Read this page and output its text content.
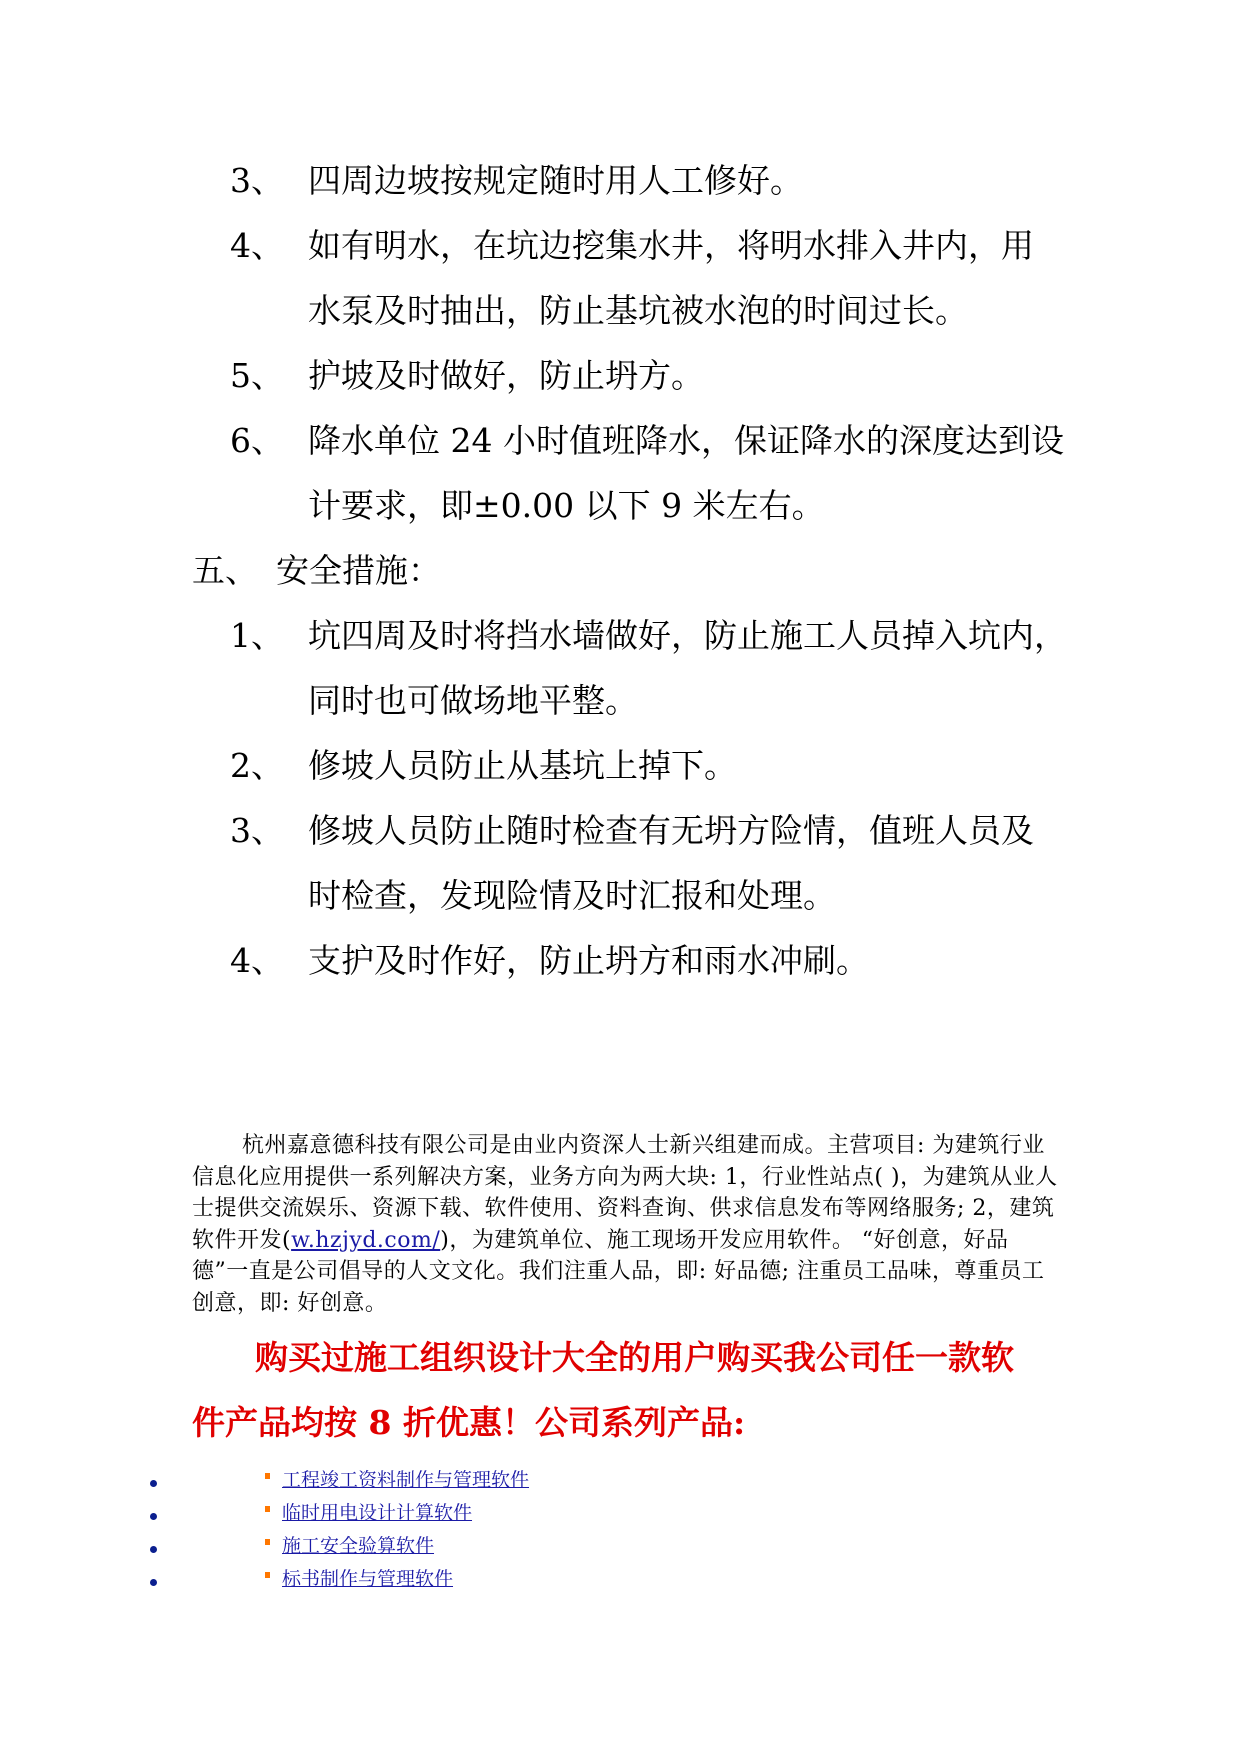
3、 四周边坡按规定随时用人工修好。
4、 如有明水，在坑边挖集水井，将明水排入井内，用
水泵及时抽出，防止基坑被水泡的时间过长。
5、 护坡及时做好，防止坍方。
6、 降水单位 24 小时值班降水，保证降水的深度达到设
计要求，即±0.00 以下 9 米左右。
五、 安全措施：
1、 坑四周及时将挡水墙做好，防止施工人员掉入坑内，
同时也可做场地平整。
2、 修坡人员防止从基坑上掉下。
3、 修坡人员防止随时检查有无坍方险情，值班人员及
时检查，发现险情及时汇报和处理。
4、 支护及时作好，防止坍方和雨水冲刷。
杭州嘉意德科技有限公司是由业内资深人士新兴组建而成。主营项目: 为建筑行业信息化应用提供一系列解决方案，业务方向为两大块: 1，行业性站点( )，为建筑从业人士提供交流娱乐、资源下载、软件使用、资料查询、供求信息发布等网络服务; 2，建筑软件开发(w.hzjyd.com/)，为建筑单位、施工现场开发应用软件。 “好创意，好品德”一直是公司倡导的人文文化。我们注重人品，即: 好品德; 注重员工品味，尊重员工创意，即: 好创意。
购买过施工组织设计大全的用户购买我公司任一款软
件产品均按 8 折优惠！公司系列产品:
工程竣工资料制作与管理软件
临时用电设计计算软件
施工安全验算软件
标书制作与管理软件
